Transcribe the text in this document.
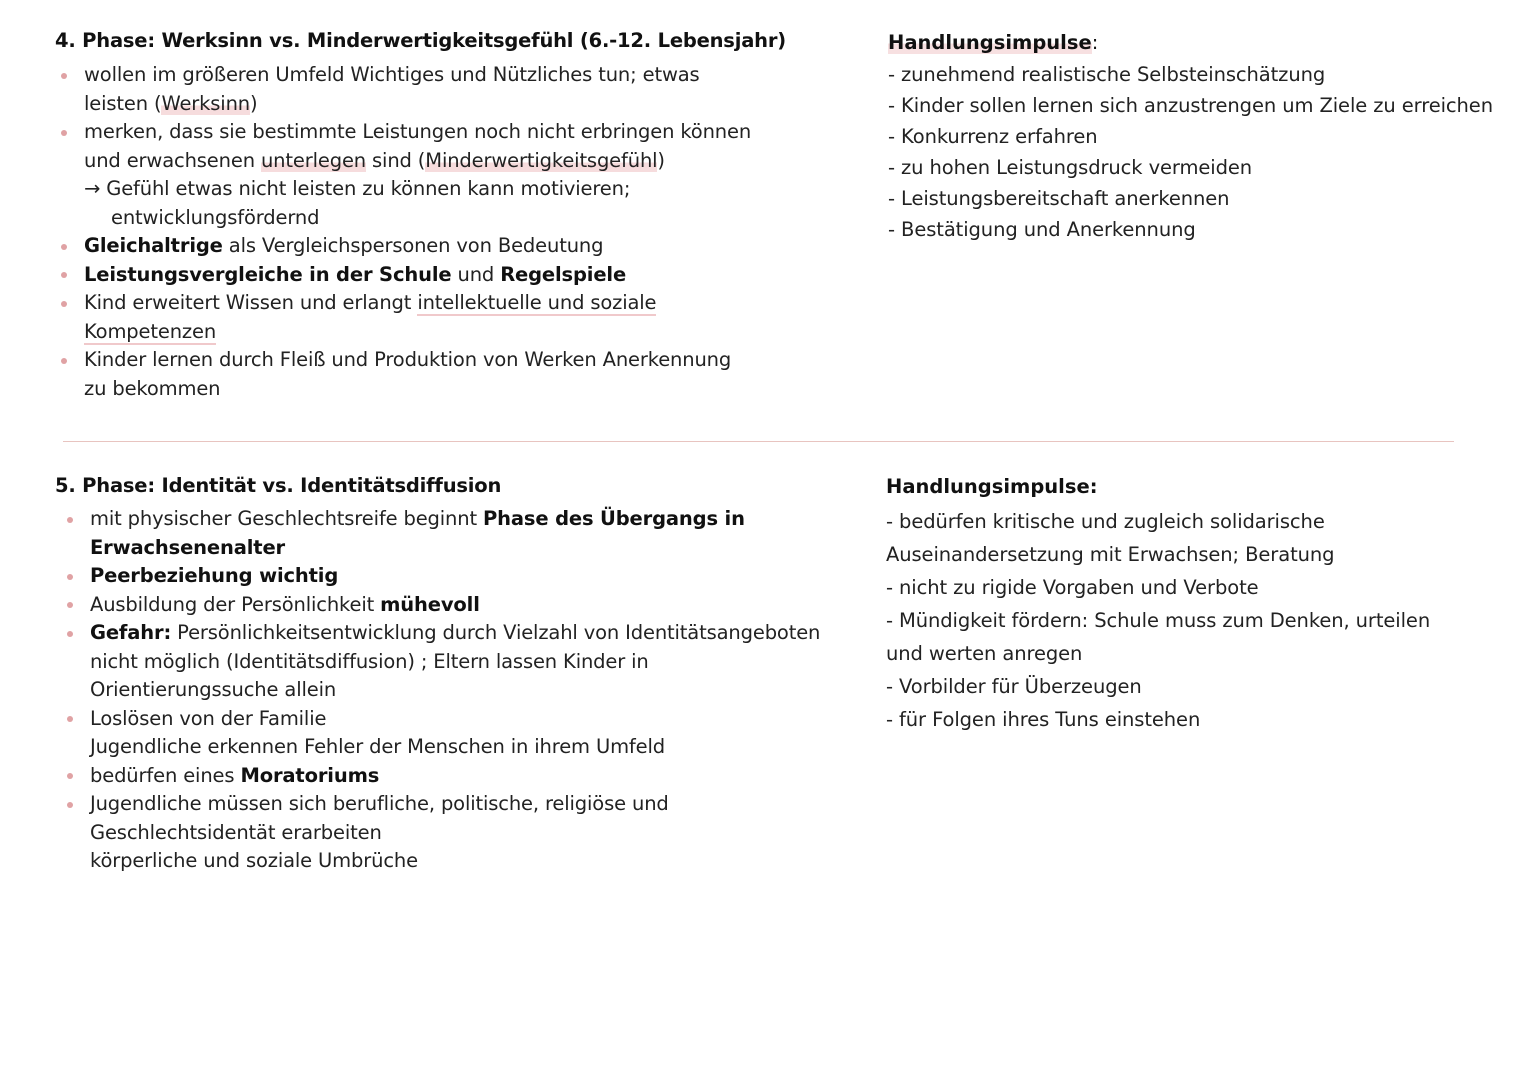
4. Phase: Werksinn vs. Minderwertigkeitsgefühl (6.-12. Lebensjahr)
wollen im größeren Umfeld Wichtiges und Nützliches tun; etwas
leisten (Werksinn)
merken, dass sie bestimmte Leistungen noch nicht erbringen können
und erwachsenen unterlegen sind (Minderwertigkeitsgefühl)
→ Gefühl etwas nicht leisten zu können kann motivieren;
entwicklungsfördernd
Gleichaltrige als Vergleichspersonen von Bedeutung
Leistungsvergleiche in der Schule und Regelspiele
Kind erweitert Wissen und erlangt intellektuelle und soziale
Kompetenzen
Kinder lernen durch Fleiß und Produktion von Werken Anerkennung
zu bekommen
Handlungsimpulse:
- zunehmend realistische Selbsteinschätzung
- Kinder sollen lernen sich anzustrengen um Ziele zu erreichen
- Konkurrenz erfahren
- zu hohen Leistungsdruck vermeiden
- Leistungsbereitschaft anerkennen
- Bestätigung und Anerkennung
5. Phase: Identität vs. Identitätsdiffusion
mit physischer Geschlechtsreife beginnt Phase des Übergangs in
Erwachsenenalter
Peerbeziehung wichtig
Ausbildung der Persönlichkeit mühevoll
Gefahr: Persönlichkeitsentwicklung durch Vielzahl von Identitätsangeboten
nicht möglich (Identitätsdiffusion) ; Eltern lassen Kinder in
Orientierungssuche allein
Loslösen von der Familie
Jugendliche erkennen Fehler der Menschen in ihrem Umfeld
bedürfen eines Moratoriums
Jugendliche müssen sich berufliche, politische, religiöse und
Geschlechtsidentät erarbeiten
körperliche und soziale Umbrüche
Handlungsimpulse:
- bedürfen kritische und zugleich solidarische
Auseinandersetzung mit Erwachsen; Beratung
- nicht zu rigide Vorgaben und Verbote
- Mündigkeit fördern: Schule muss zum Denken, urteilen
und werten anregen
- Vorbilder für Überzeugen
- für Folgen ihres Tuns einstehen
